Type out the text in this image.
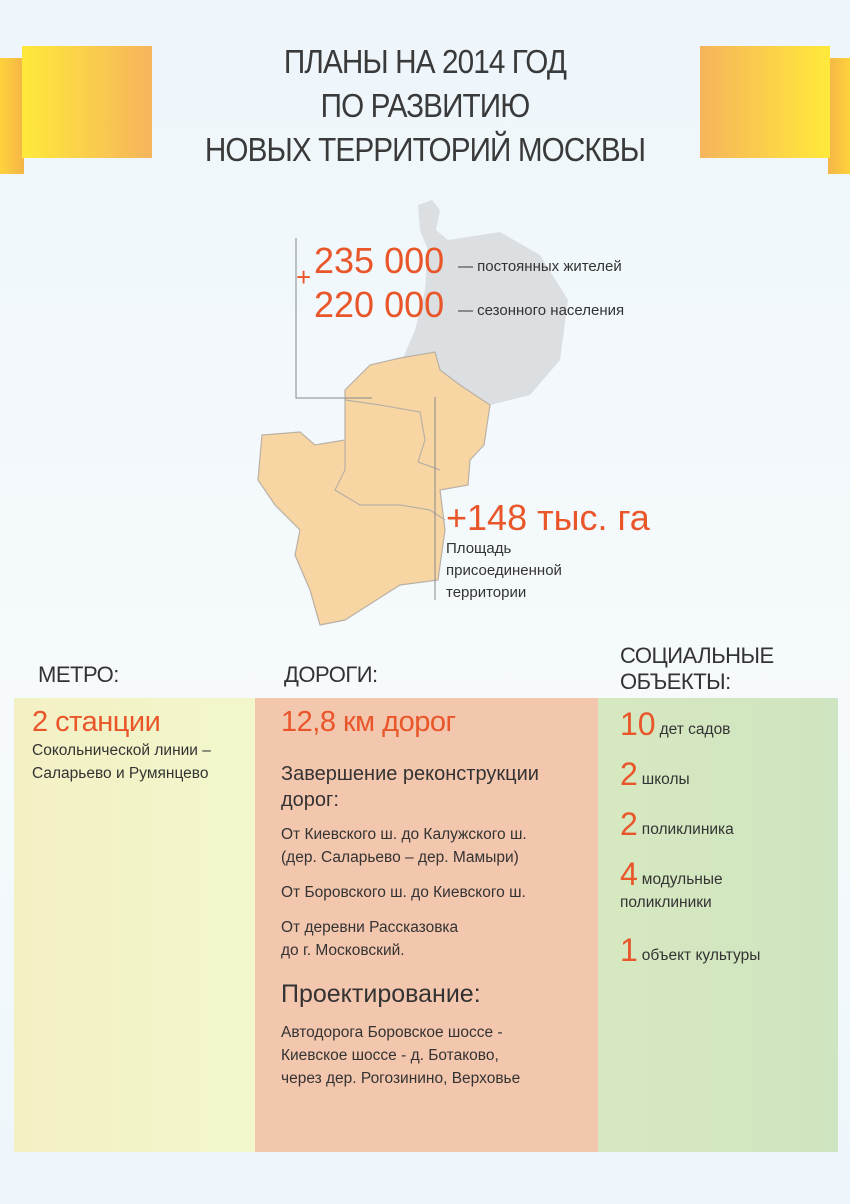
ПЛАНЫ НА 2014 ГОД
ПО РАЗВИТИЮ
НОВЫХ ТЕРРИТОРИЙ МОСКВЫ
+ 235 000 — постоянных жителей
220 000 — сезонного населения
+148 тыс. га
Площадь
присоединенной
территории
МЕТРО:	ДОРОГИ:
СОЦИАЛЬНЫЕ
ОБЪЕКТЫ:
2 станции

Сокольнической линии –

Саларьево и Румянцево

12,8 км дорог

Завершение реконструкции дорог:

От Киевского ш. до Калужского ш.

(дер. Саларьево – дер. Мамыри)

От Боровского ш. до Киевского ш.

От деревни Рассказовка

до г. Московский.

Проектирование:

Автодорога Боровское шоссе -

Киевское шоссе - д. Ботаково,

через дер. Рогозинино, Верховье

10 дет садов
2 школы
2 поликлиника
4 модульные
поликлиники
1 объект культуры
